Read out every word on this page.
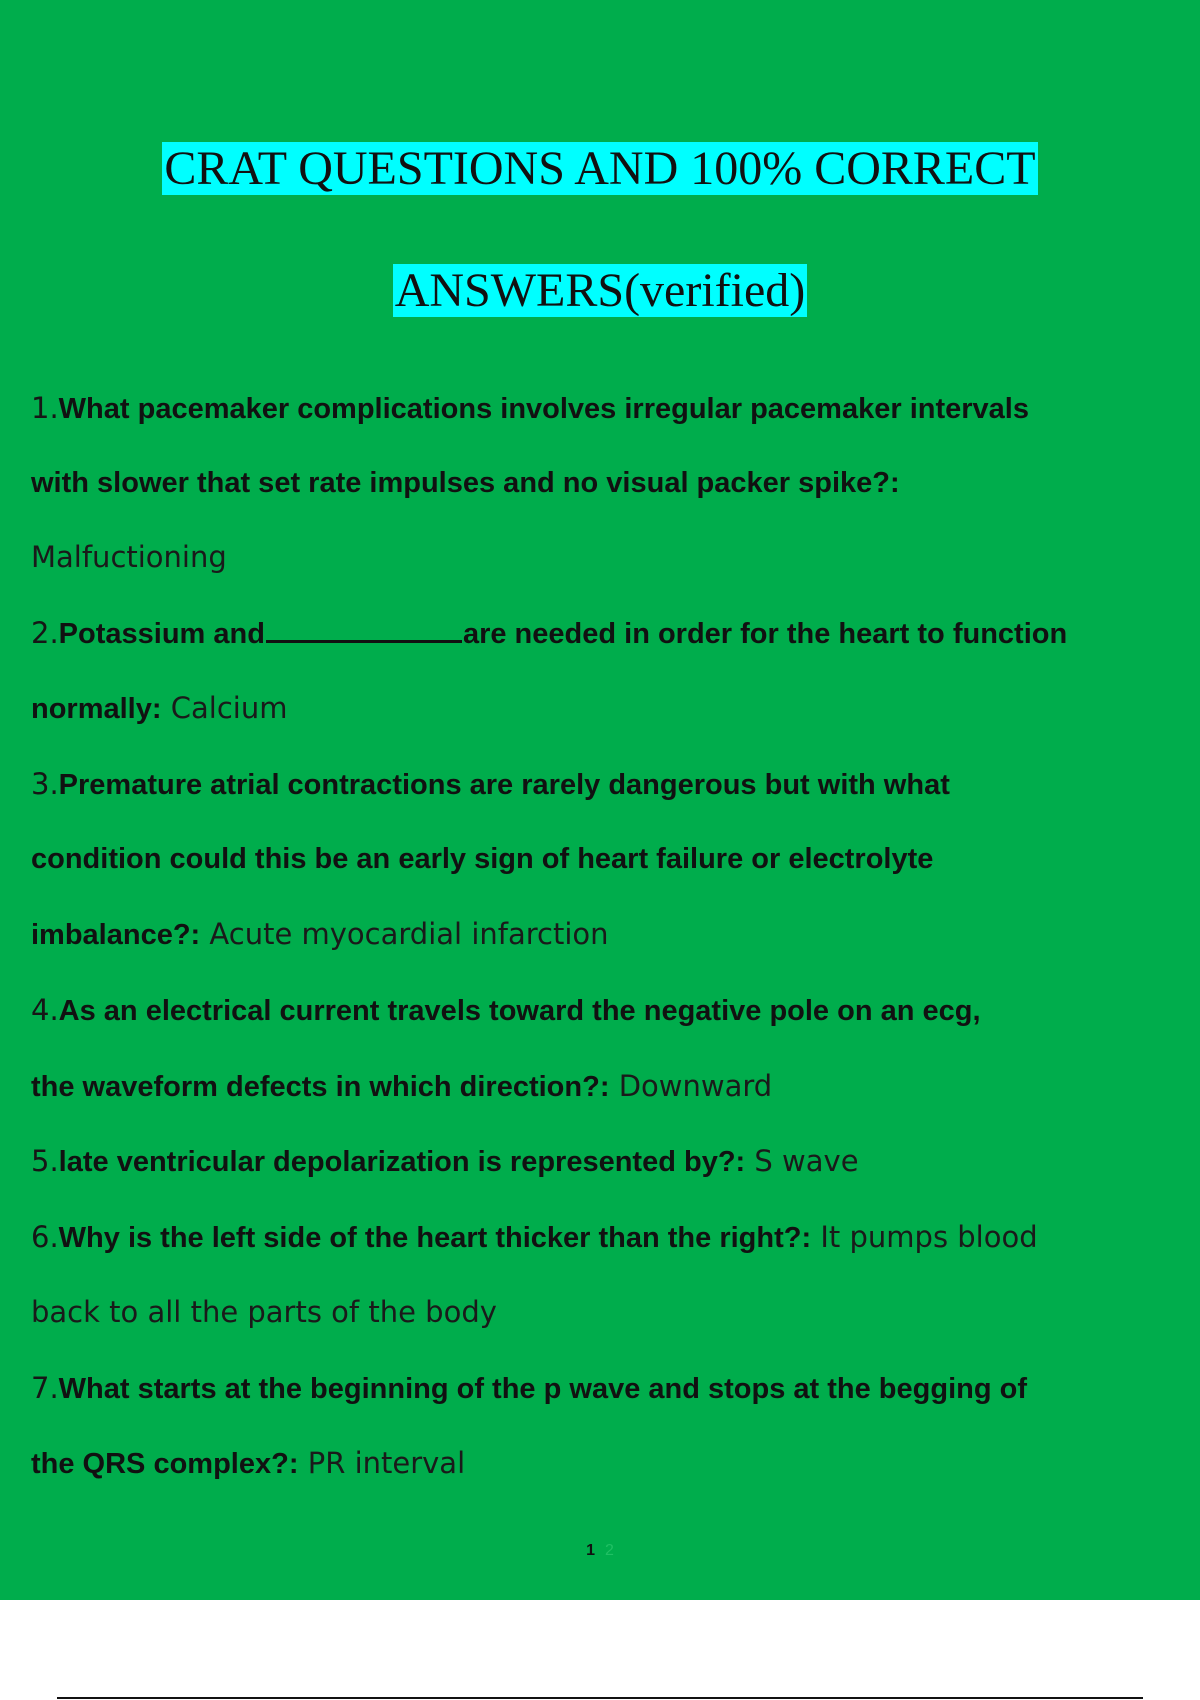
CRAT QUESTIONS AND 100% CORRECT
ANSWERS(verified)
1.What pacemaker complications involves irregular pacemaker intervals
with slower that set rate impulses and no visual packer spike?:
Malfuctioning
2.Potassium and	are needed in order for the heart to function
normally: Calcium
3.Premature atrial contractions are rarely dangerous but with what
condition could this be an early sign of heart failure or electrolyte
imbalance?: Acute myocardial infarction
4.As an electrical current travels toward the negative pole on an ecg,
the waveform defects in which direction?: Downward
5.late ventricular depolarization is represented by?: S wave
6.Why is the left side of the heart thicker than the right?: It pumps blood
back to all the parts of the body
7.What starts at the beginning of the p wave and stops at the begging of
the QRS complex?: PR interval
1 2
